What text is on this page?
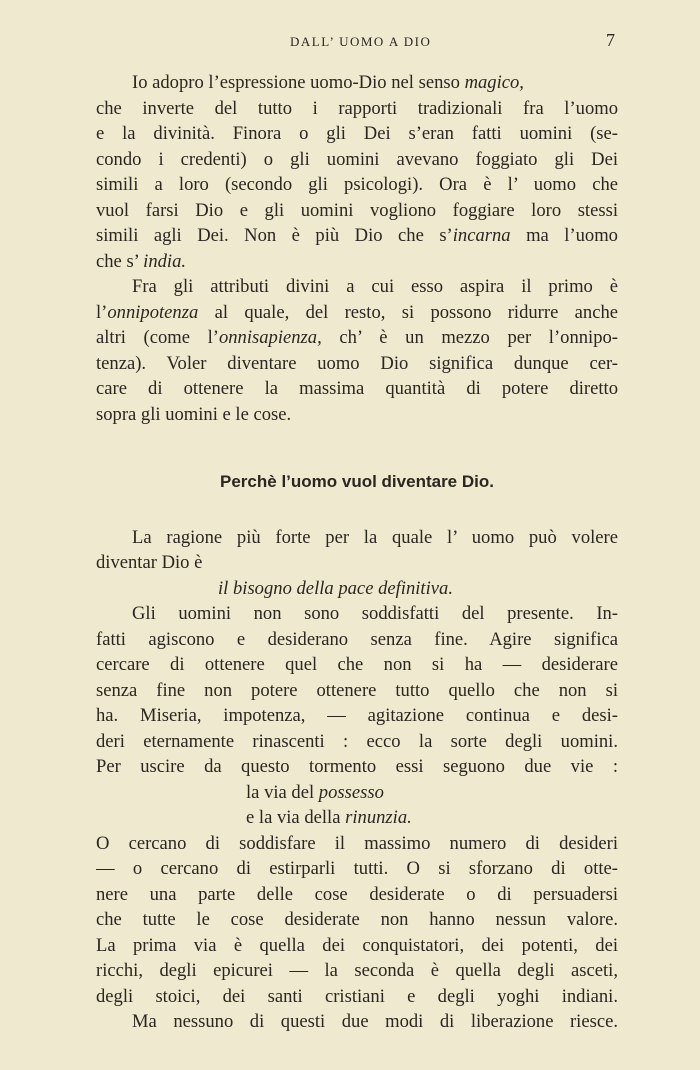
DALL’ UOMO A DIO	7
Io adopro l’espressione uomo-Dio nel senso magico,
che inverte del tutto i rapporti tradizionali fra l’uomo
e la divinità. Finora o gli Dei s’eran fatti uomini (se-
condo i credenti) o gli uomini avevano foggiato gli Dei
simili a loro (secondo gli psicologi). Ora è l’ uomo che
vuol farsi Dio e gli uomini vogliono foggiare loro stessi
simili agli Dei. Non è più Dio che s’incarna ma l’uomo
che s’ india.
Fra gli attributi divini a cui esso aspira il primo è
l’onnipotenza al quale, del resto, si possono ridurre anche
altri (come l’onnisapienza, ch’ è un mezzo per l’onnipo-
tenza). Voler diventare uomo Dio significa dunque cer-
care di ottenere la massima quantità di potere diretto
sopra gli uomini e le cose.
Perchè l’uomo vuol diventare Dio.
La ragione più forte per la quale l’ uomo può volere
diventar Dio è
il bisogno della pace definitiva.
Gli uomini non sono soddisfatti del presente. In-
fatti agiscono e desiderano senza fine. Agire significa
cercare di ottenere quel che non si ha — desiderare
senza fine non potere ottenere tutto quello che non si
ha. Miseria, impotenza, — agitazione continua e desi-
deri eternamente rinascenti : ecco la sorte degli uomini.
Per uscire da questo tormento essi seguono due vie :
la via del possesso
e la via della rinunzia.
O cercano di soddisfare il massimo numero di desideri
— o cercano di estirparli tutti. O si sforzano di otte-
nere una parte delle cose desiderate o di persuadersi
che tutte le cose desiderate non hanno nessun valore.
La prima via è quella dei conquistatori, dei potenti, dei
ricchi, degli epicurei — la seconda è quella degli asceti,
degli stoici, dei santi cristiani e degli yoghi indiani.
Ma nessuno di questi due modi di liberazione riesce.
